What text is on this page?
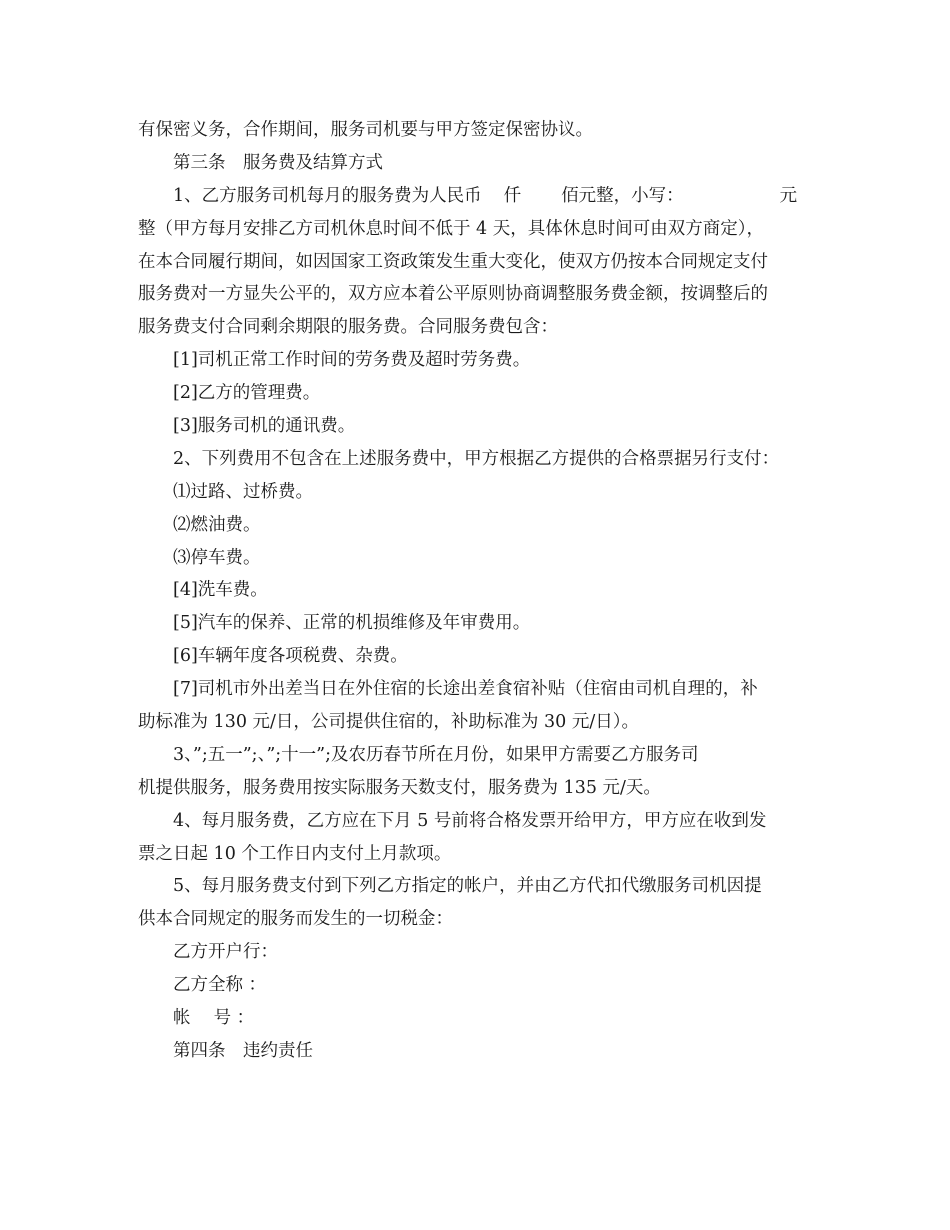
有保密义务，合作期间，服务司机要与甲方签定保密协议。
第三条　服务费及结算方式
1、乙方服务司机每月的服务费为人民币 仟 佰元整，小写：	元
整（甲方每月安排乙方司机休息时间不低于 4 天，具体休息时间可由双方商定），
在本合同履行期间，如因国家工资政策发生重大变化，使双方仍按本合同规定支付
服务费对一方显失公平的，双方应本着公平原则协商调整服务费金额，按调整后的
服务费支付合同剩余期限的服务费。合同服务费包含：
[1]司机正常工作时间的劳务费及超时劳务费。
[2]乙方的管理费。
[3]服务司机的通讯费。
2、下列费用不包含在上述服务费中，甲方根据乙方提供的合格票据另行支付：
⑴过路、过桥费。
⑵燃油费。
⑶停车费。
[4]洗车费。
[5]汽车的保养、正常的机损维修及年审费用。
[6]车辆年度各项税费、杂费。
[7]司机市外出差当日在外住宿的长途出差食宿补贴（住宿由司机自理的，补
助标准为 130 元/日，公司提供住宿的，补助标准为 30 元/日）。
3、”;五一”;、”;十一”;及农历春节所在月份，如果甲方需要乙方服务司
机提供服务，服务费用按实际服务天数支付，服务费为 135 元/天。
4、每月服务费，乙方应在下月 5 号前将合格发票开给甲方，甲方应在收到发
票之日起 10 个工作日内支付上月款项。
5、每月服务费支付到下列乙方指定的帐户，并由乙方代扣代缴服务司机因提
供本合同规定的服务而发生的一切税金：
乙方开户行：
乙方全称 ：
帐　 号 ：
第四条　违约责任
